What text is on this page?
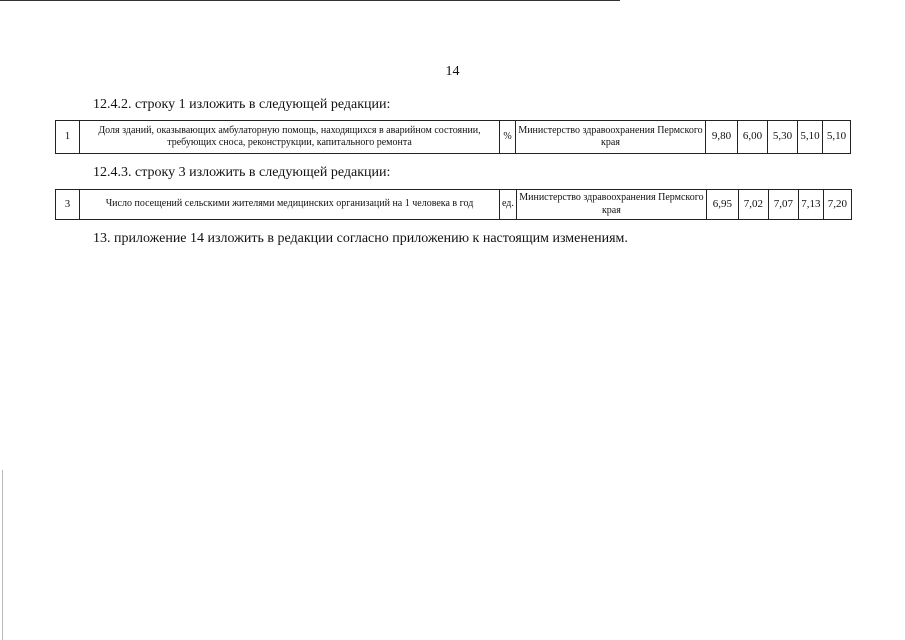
14
12.4.2. строку 1 изложить в следующей редакции:
1	Доля зданий, оказывающих амбулаторную помощь, находящихся в аварийном состоянии, требующих сноса, реконструкции, капитального ремонта	%	Министерство здравоохранения Пермского края	9,80	6,00	5,30	5,10	5,10
12.4.3. строку 3 изложить в следующей редакции:
3	Число посещений сельскими жителями медицинских организаций на 1 человека в год	ед.	Министерство здравоохранения Пермского края	6,95	7,02	7,07	7,13	7,20
13. приложение 14 изложить в редакции согласно приложению к настоящим изменениям.
